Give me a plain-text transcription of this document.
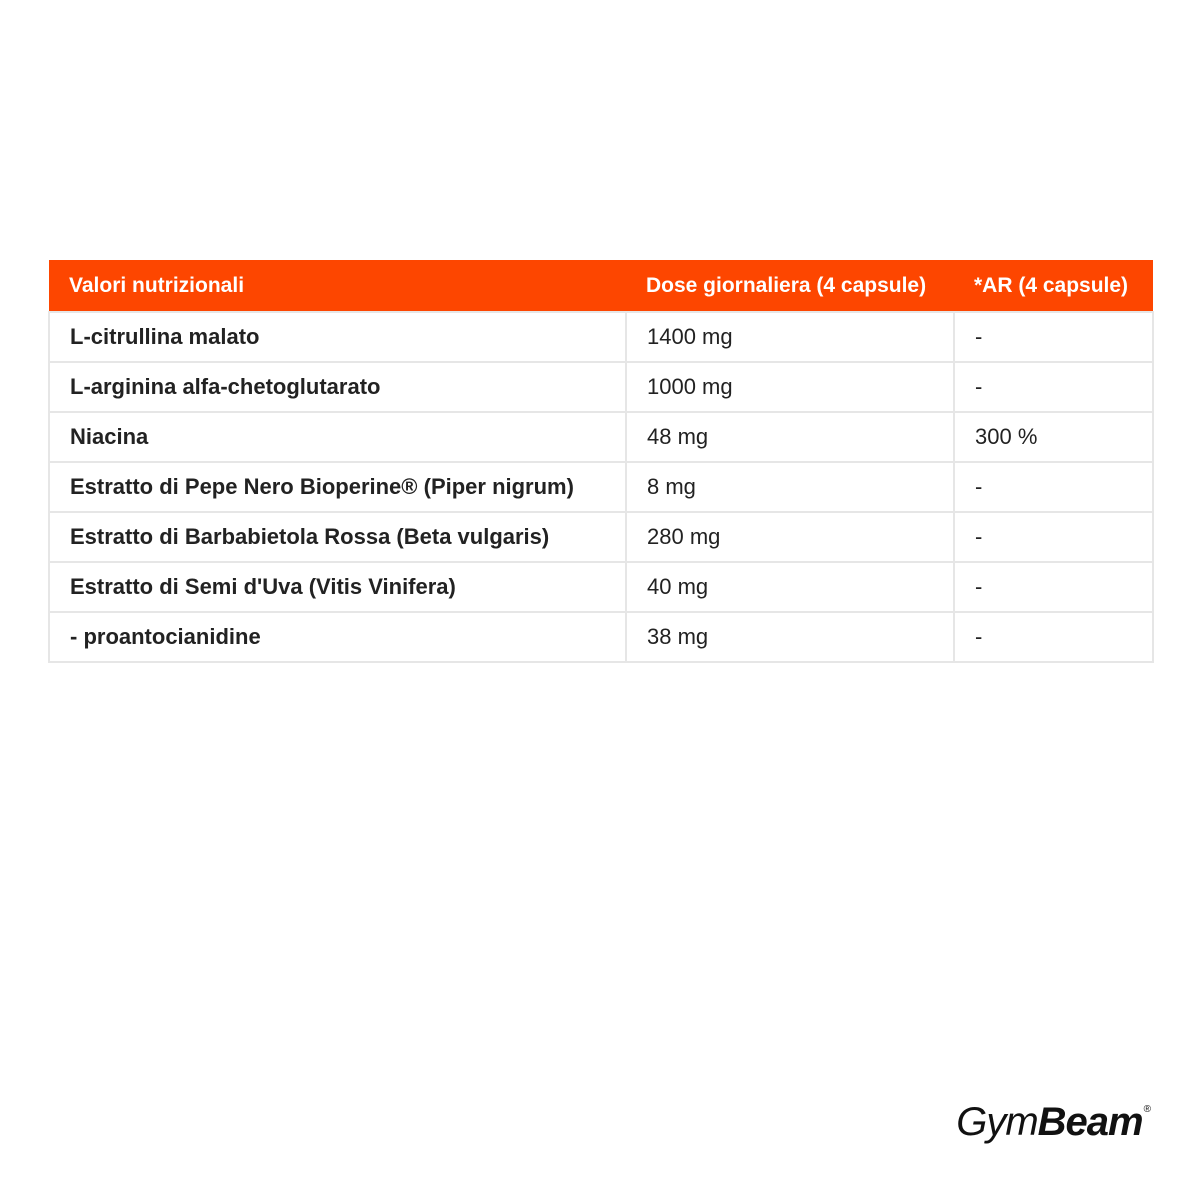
Valori nutrizionali	Dose giornaliera (4 capsule)	*AR (4 capsule)
L-citrullina malato	1400 mg	-
L-arginina alfa-chetoglutarato	1000 mg	-
Niacina	48 mg	300 %
Estratto di Pepe Nero Bioperine® (Piper nigrum)	8 mg	-
Estratto di Barbabietola Rossa (Beta vulgaris)	280 mg	-
Estratto di Semi d'Uva (Vitis Vinifera)	40 mg	-
- proantocianidine	38 mg	-
GymBeam®
